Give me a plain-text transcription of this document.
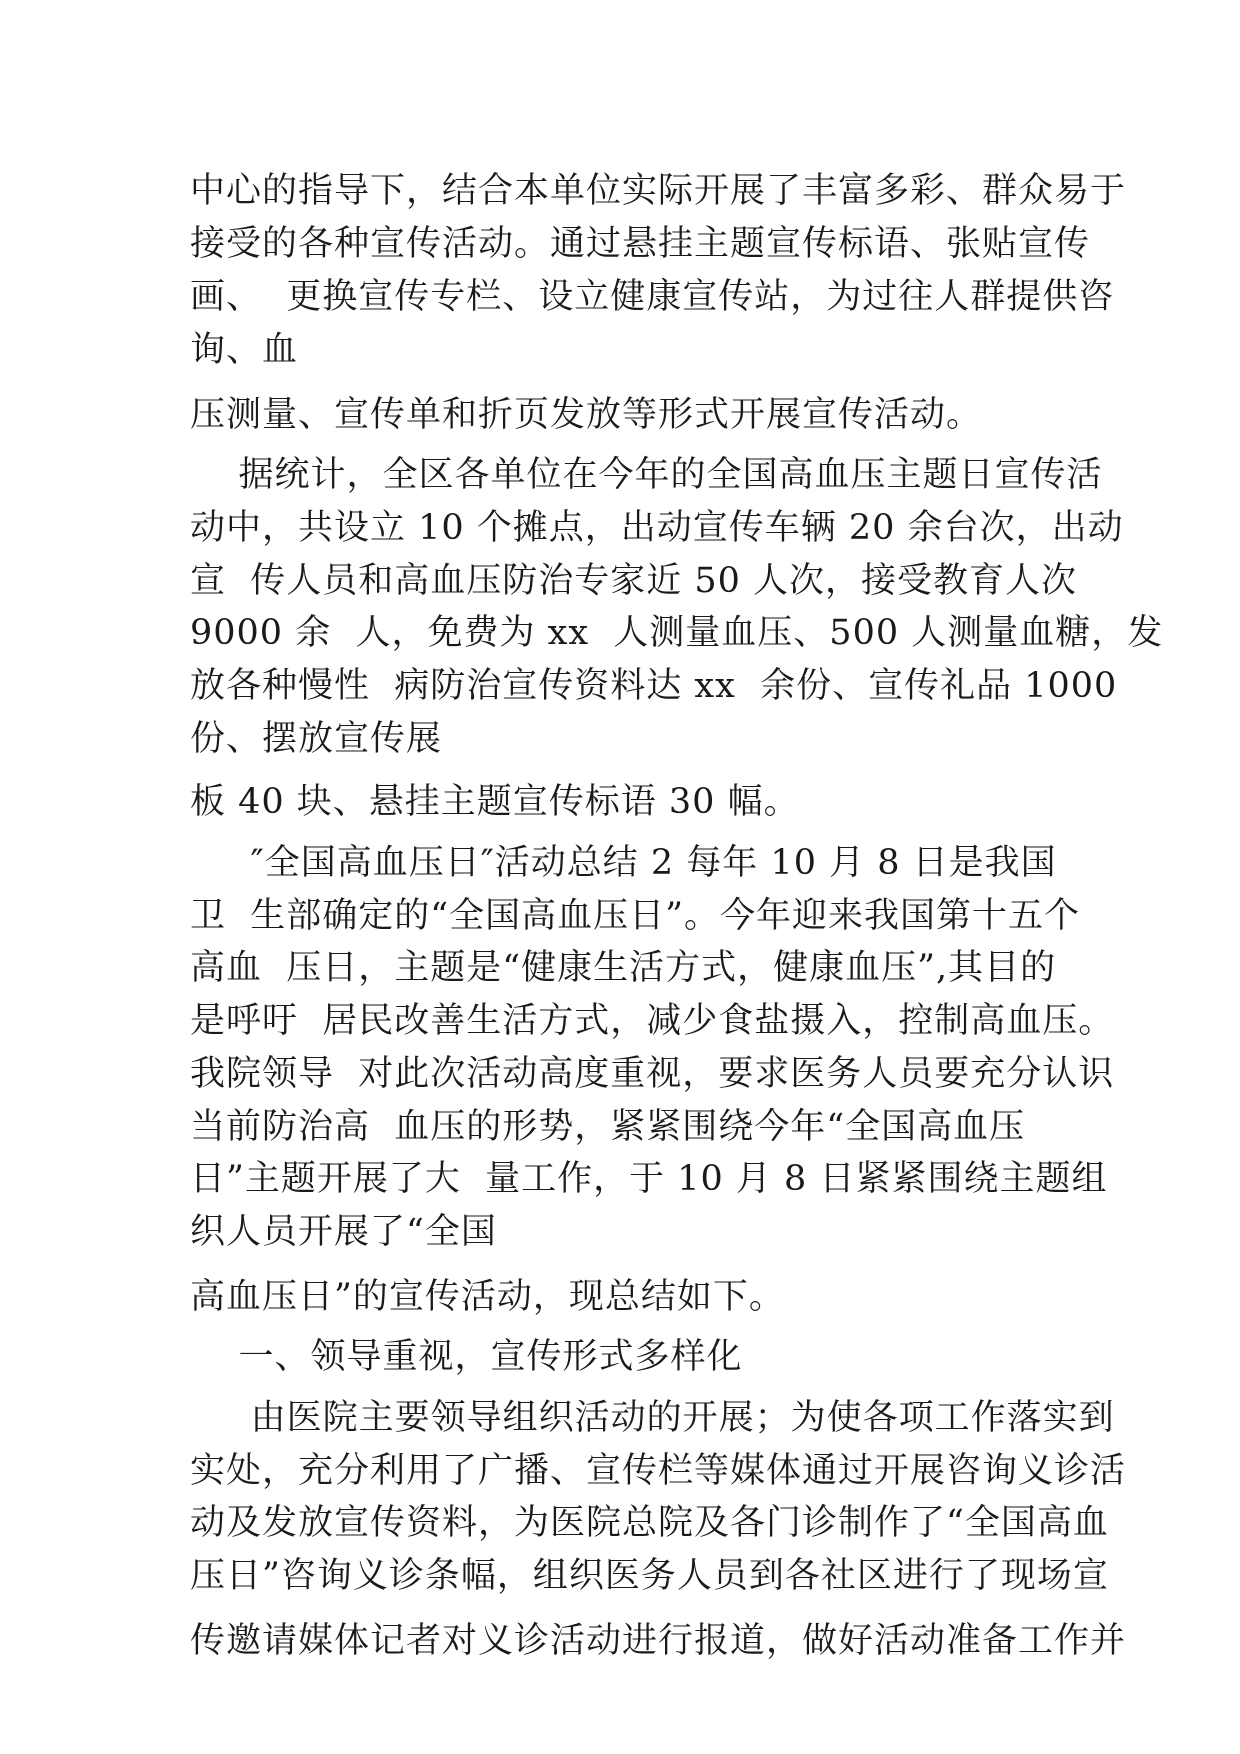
中心的指导下，结合本单位实际开展了丰富多彩、群众易于
接受的各种宣传活动。通过悬挂主题宣传标语、张贴宣传
画、  更换宣传专栏、设立健康宣传站，为过往人群提供咨
询、血
压测量、宣传单和折页发放等形式开展宣传活动。
据统计，全区各单位在今年的全国高血压主题日宣传活
动中，共设立 10 个摊点，出动宣传车辆 20 余台次，出动
宣  传人员和高血压防治专家近 50 人次，接受教育人次
9000 余  人，免费为 xx  人测量血压、500 人测量血糖，发
放各种慢性  病防治宣传资料达 xx  余份、宣传礼品 1000
份、摆放宣传展
板 40 块、悬挂主题宣传标语 30 幅。
″全国高血压日″活动总结 2 每年 10 月 8 日是我国
卫  生部确定的“全国高血压日”。今年迎来我国第十五个
高血  压日，主题是“健康生活方式，健康血压”,其目的
是呼吁  居民改善生活方式，减少食盐摄入，控制高血压。
我院领导  对此次活动高度重视，要求医务人员要充分认识
当前防治高  血压的形势，紧紧围绕今年“全国高血压
日”主题开展了大  量工作，于 10 月 8 日紧紧围绕主题组
织人员开展了“全国
高血压日”的宣传活动，现总结如下。
一、领导重视，宣传形式多样化
由医院主要领导组织活动的开展；为使各项工作落实到
实处，充分利用了广播、宣传栏等媒体通过开展咨询义诊活
动及发放宣传资料，为医院总院及各门诊制作了“全国高血
压日”咨询义诊条幅，组织医务人员到各社区进行了现场宣
传邀请媒体记者对义诊活动进行报道，做好活动准备工作并
